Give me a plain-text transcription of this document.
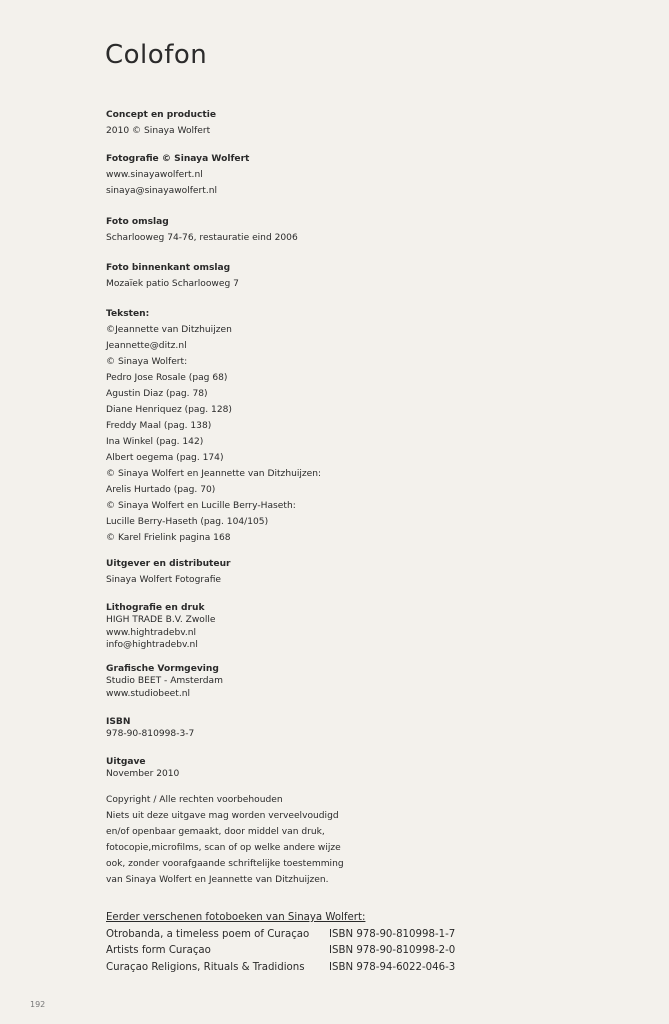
Colofon
Concept en productie
2010 © Sinaya Wolfert
Fotografie © Sinaya Wolfert
www.sinayawolfert.nl
sinaya@sinayawolfert.nl
Foto omslag
Scharlooweg 74-76, restauratie eind 2006
Foto binnenkant omslag
Mozaïek patio Scharlooweg 7
Teksten:
©Jeannette van Ditzhuijzen
Jeannette@ditz.nl
© Sinaya Wolfert:
Pedro Jose Rosale (pag 68)
Agustin Diaz (pag. 78)
Diane Henriquez (pag. 128)
Freddy Maal (pag. 138)
Ina Winkel (pag. 142)
Albert oegema (pag. 174)
© Sinaya Wolfert en Jeannette van Ditzhuijzen:
Arelis Hurtado (pag. 70)
© Sinaya Wolfert en Lucille Berry-Haseth:
Lucille Berry-Haseth (pag. 104/105)
© Karel Frielink pagina 168
Uitgever en distributeur
Sinaya Wolfert Fotografie
Lithografie en druk
HIGH TRADE B.V. Zwolle
www.hightradebv.nl
info@hightradebv.nl
Grafische Vormgeving
Studio BEET - Amsterdam
www.studiobeet.nl
ISBN
978-90-810998-3-7
Uitgave
November 2010
Copyright / Alle rechten voorbehouden
Niets uit deze uitgave mag worden verveelvoudigd
en/of openbaar gemaakt, door middel van druk,
fotocopie,microfilms, scan of op welke andere wijze
ook, zonder voorafgaande schriftelijke toestemming
van Sinaya Wolfert en Jeannette van Ditzhuijzen.
Eerder verschenen fotoboeken van Sinaya Wolfert:
Otrobanda, a timeless poem of Curaçao ISBN 978-90-810998-1-7
Artists form Curaçao	ISBN 978-90-810998-2-0
Curaçao Religions, Rituals & Tradidions ISBN 978-94-6022-046-3
192
